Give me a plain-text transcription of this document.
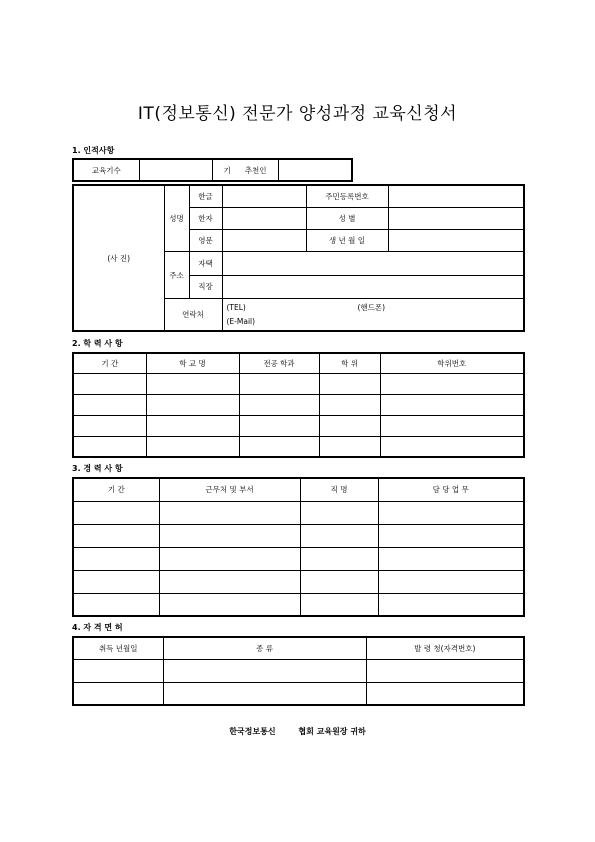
IT(정보통신) 전문가 양성과정 교육신청서
1. 인적사항
교육기수		기 추천인	
(사 진)	성명	한글		주민등록번호	
		한자		성 별	
		영문		생 년 월 일	
	주소	자택			
		직장			
	연락처		(TEL) (핸드폰)
(E-Mail)		
2. 학 력 사 항
기 간	학 교 명	전공 학과	학 위	학위번호

3. 경 력 사 항
기 간	근무처 및 부서	직 명	담 당 업 무

4. 자 격 면 허
취득 년월일	종 류	발 령 청(자격번호)

한국정보통신	협회 교육원장 귀하
